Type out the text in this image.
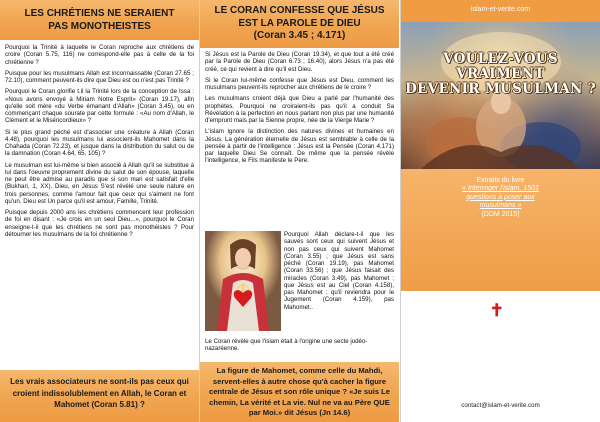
LES CHRÉTIENS NE SERAIENT
PAS MONOTHEISTES

Pourquoi la Trinité à laquelle le Coran reproche aux chrétiens de croire (Coran 5.75, 116) ne correspond-elle pas à celle de la foi chrétienne ?

Puisque pour les musulmans Allah est inconnaissable (Coran 27.65 ; 72.10), comment peuvent-ils dire que Dieu est ou n'est pas Trinité ?

Pourquoi le Coran glorifie t.il la Trinité lors de la conception de Issa : «Nous avons envoyé à Miriam Notre Esprit» (Coran 19.17), afin qu'elle soit mère «du Verbe émanant d'Allah» (Coran 3.45), ou en commençant chaque sourate par cette formule : «Au nom d'Allah, le Clément et le Miséricordieux» ?

Si le plus grand péché est d'associer une créature à Allah (Coran 4.48), pourquoi les musulmans lui associent-ils Mahomet dans la Chahada (Coran 72.23), et jusque dans la distribution du salut ou de la damnation (Coran 4.64, 65, 105) ?

Le musulman est lui-même si bien associé à Allah qu'il se substitue à lui dans l'oeuvre proprement divine du salut de son épouse, laquelle ne peut être admise au paradis que si son mari est satisfait d'elle (Bukhari, 1, XX). Dieu, en Jésus S'est révélé une seule nature en trois personnes, comme l'amour fait que ceux qui s'aiment ne font qu'un. Dieu est Un parce qu'il est amour, Famille, Trinité.

Puisque depuis 2000 ans les chrétiens commencent leur profession de foi en disant : «Je crois en un seul Dieu...», pourquoi le Coran enseigne-t-il que les chrétiens ne sont pas monothéistes ? Pour détourner les musulmans de la foi chrétienne ?

Les vrais associateurs ne sont-ils pas ceux qui croient indissolublement en Allah, le Coran et Mahomet (Coran 5.81) ?
LE CORAN CONFESSE QUE JÉSUS
EST LA PAROLE DE DIEU
(Coran 3.45 ; 4.171)

Si Jésus est la Parole de Dieu (Coran 19.34), et que tout a été créé par la Parole de Dieu (Coran 6.73 ; 16.40), alors Jésus n'a pas été créé, ce qui revient à dire qu'il est Dieu.

Si le Coran lui-même confesse que Jésus est Dieu, comment les musulmans peuvent-ils reprocher aux chrétiens de le croire ?

Les musulmans croient déjà que Dieu a parlé par l'humanité des prophètes. Pourquoi ne croiraient-ils pas qu'il a conduit Sa Révélation à la perfection en nous parlant non plus par une humanité d'emprunt mais par la Sienne propre, née de la Vierge Marie ?

L'islam ignore la distinction des natures divines et humaines en Jésus. La génération éternelle de Jésus est semblable à celle de la pensée à partir de l'intelligence : Jésus est la Pensée (Coran 4.171) par laquelle Dieu Se connaît. De même que la pensée révèle l'intelligence, le Fils manifeste le Père.

Pourquoi Allah déclare-t-il que les sauvés sont ceux qui suivent Jésus et non pas ceux qui suivent Mahomet (Coran 3.55) ; que Jésus est sans péché (Coran 19.19), pas Mahomet (Coran 33.56) ; que Jésus faisait des miracles (Coran 3.49), pas Mahomet ; que Jésus est au Ciel (Coran 4.158), pas Mahomet ; qu'il reviendra pour le Jugement (Coran 4.159), pas Mahomet..
Le Coran révèle que l'islam était à l'origine une secte judéo-nazaréenne.
La figure de Mahomet, comme celle du Mahdi, servent-elles à autre chose qu'à cacher la figure centrale de Jésus et son rôle unique ? «Je suis Le chemin, La vérité et La vie. Nul ne va au Père QUE par Moi.» dit Jésus (Jn 14.6)
islam-et-verite.com
VOULEZ-VOUS
VRAIMENT
DEVENIR MUSULMAN ?
Extraits du livre
« Interroger l'islam, 1501
questions à poser aux
musulmans »
(DDM 2015)
ISLAM ✝ VÉRITÉ
Qui peut venir après le Christ, sinon l'Antichrist ?
contact@islam-et-verite.com
